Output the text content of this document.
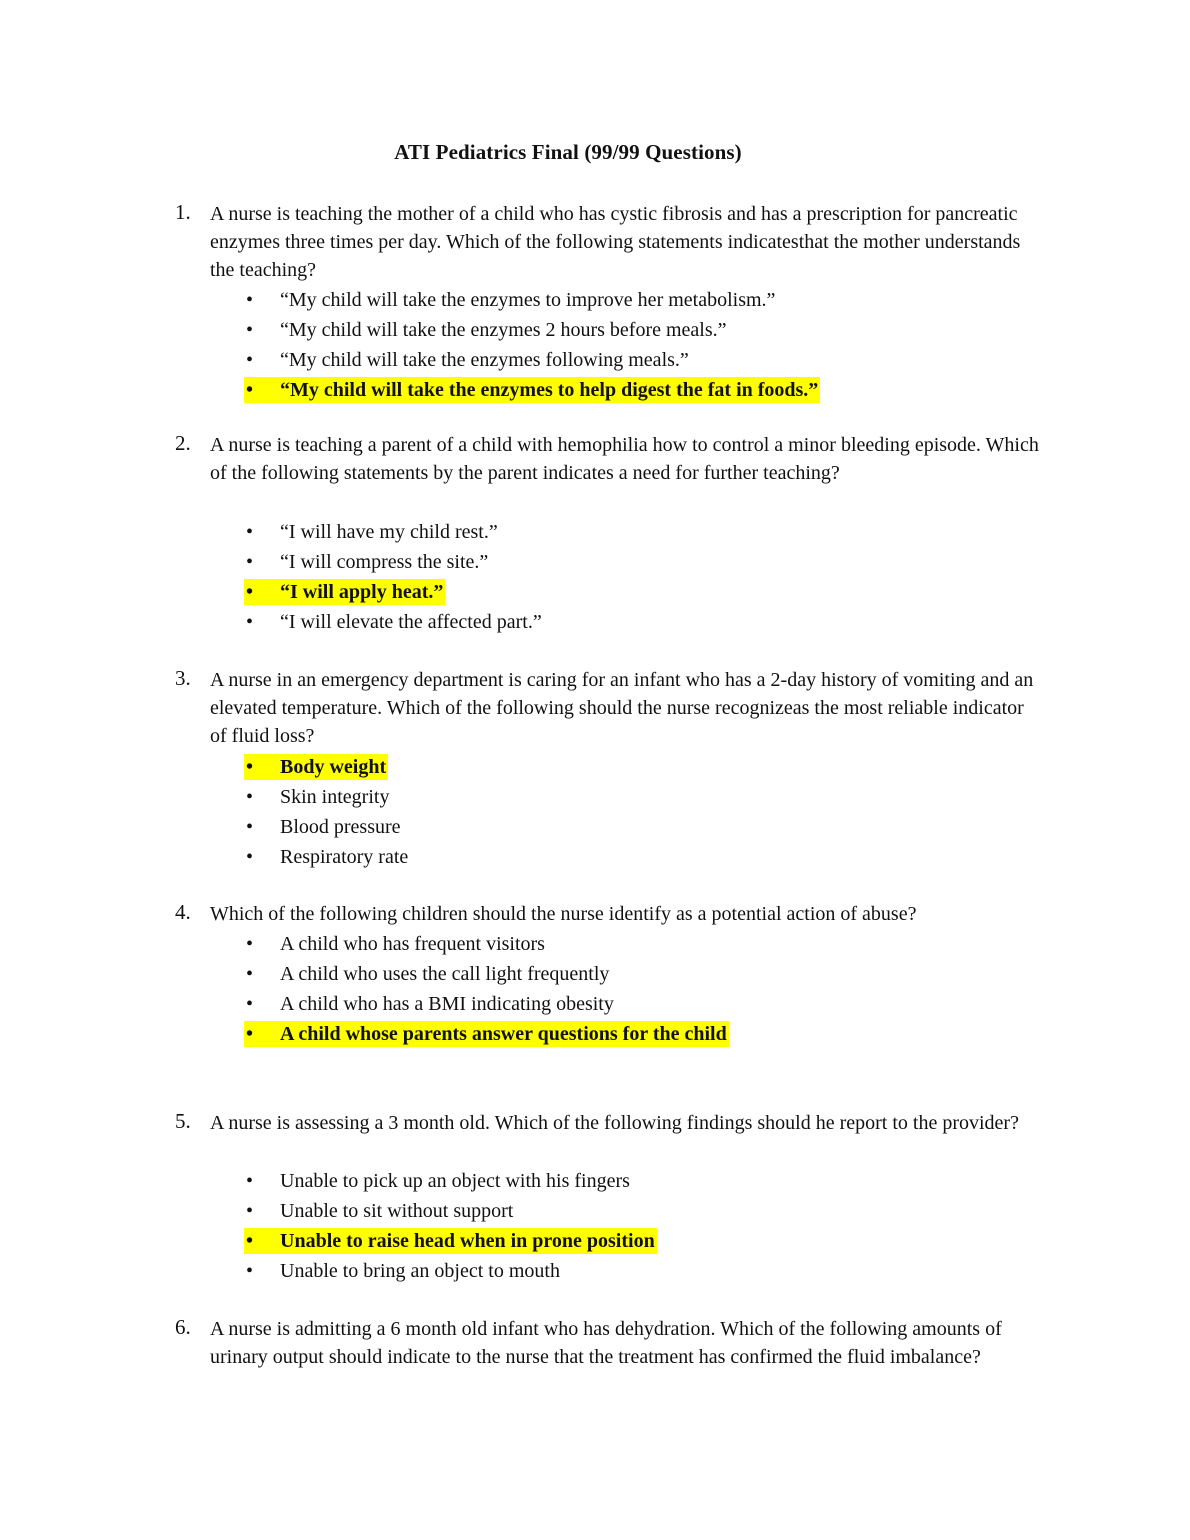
ATI Pediatrics Final (99/99 Questions)
1. A nurse is teaching the mother of a child who has cystic fibrosis and has a prescription for pancreatic enzymes three times per day. Which of the following statements indicatesthat the mother understands the teaching?
•	“My child will take the enzymes to improve her metabolism.”
•	“My child will take the enzymes 2 hours before meals.”
•	“My child will take the enzymes following meals.”
•	“My child will take the enzymes to help digest the fat in foods.”
2. A nurse is teaching a parent of a child with hemophilia how to control a minor bleeding episode. Which of the following statements by the parent indicates a need for further teaching?
•	“I will have my child rest.”
•	“I will compress the site.”
•	“I will apply heat.”
•	“I will elevate the affected part.”
3. A nurse in an emergency department is caring for an infant who has a 2-day history of vomiting and an elevated temperature. Which of the following should the nurse recognizeas the most reliable indicator of fluid loss?
•	Body weight
•	Skin integrity
•	Blood pressure
•	Respiratory rate
4. Which of the following children should the nurse identify as a potential action of abuse?
•	A child who has frequent visitors
•	A child who uses the call light frequently
•	A child who has a BMI indicating obesity
•	A child whose parents answer questions for the child
5. A nurse is assessing a 3 month old. Which of the following findings should he report to the provider?
•	Unable to pick up an object with his fingers
•	Unable to sit without support
•	Unable to raise head when in prone position
•	Unable to bring an object to mouth
6. A nurse is admitting a 6 month old infant who has dehydration. Which of the following amounts of urinary output should indicate to the nurse that the treatment has confirmed the fluid imbalance?
